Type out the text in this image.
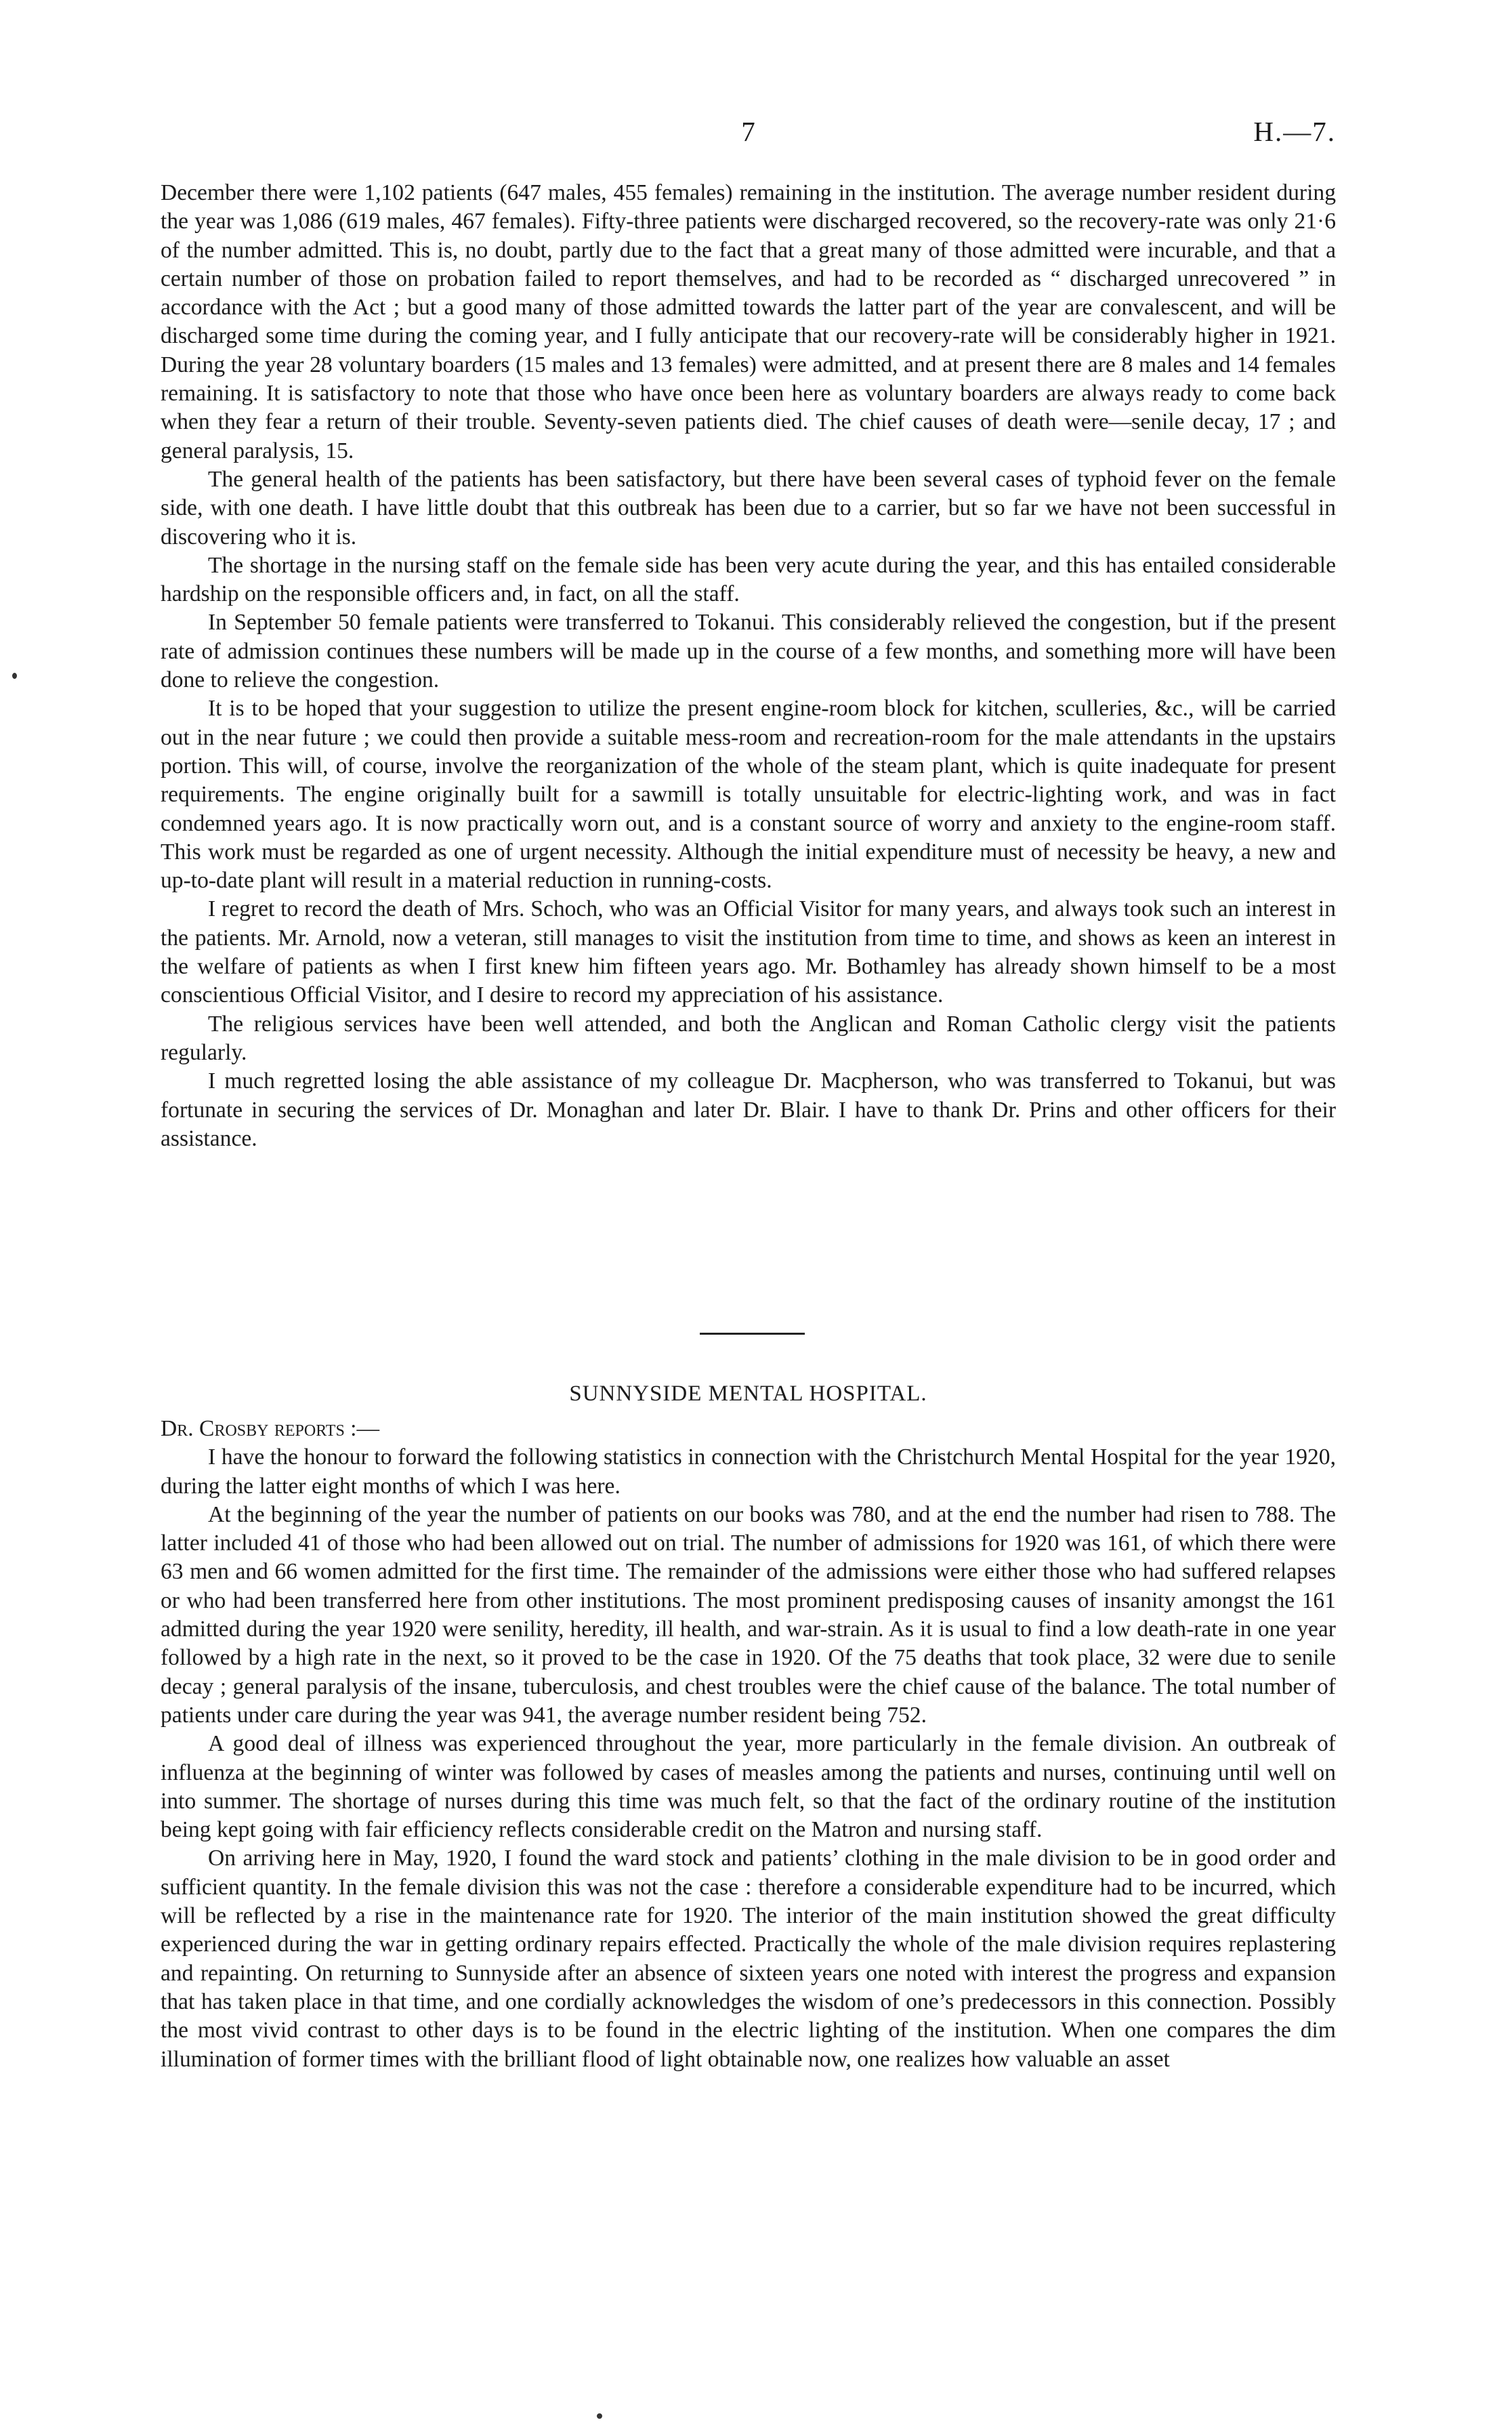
7	H.—7.

December there were 1,102 patients (647 males, 455 females) remaining in the institution. The average number resident during the year was 1,086 (619 males, 467 females). Fifty-three patients were discharged recovered, so the recovery-rate was only 21·6 of the number admitted. This is, no doubt, partly due to the fact that a great many of those admitted were incurable, and that a certain number of those on probation failed to report themselves, and had to be recorded as “ discharged unrecovered ” in accordance with the Act ; but a good many of those admitted towards the latter part of the year are convalescent, and will be discharged some time during the coming year, and I fully anticipate that our recovery-rate will be considerably higher in 1921. During the year 28 voluntary boarders (15 males and 13 females) were admitted, and at present there are 8 males and 14 females remaining. It is satisfactory to note that those who have once been here as voluntary boarders are always ready to come back when they fear a return of their trouble. Seventy-seven patients died. The chief causes of death were—senile decay, 17 ; and general paralysis, 15.

The general health of the patients has been satisfactory, but there have been several cases of typhoid fever on the female side, with one death. I have little doubt that this outbreak has been due to a carrier, but so far we have not been successful in discovering who it is.

The shortage in the nursing staff on the female side has been very acute during the year, and this has entailed considerable hardship on the responsible officers and, in fact, on all the staff.

In September 50 female patients were transferred to Tokanui. This considerably relieved the congestion, but if the present rate of admission continues these numbers will be made up in the course of a few months, and something more will have been done to relieve the congestion.

It is to be hoped that your suggestion to utilize the present engine-room block for kitchen, sculleries, &c., will be carried out in the near future ; we could then provide a suitable mess-room and recreation-room for the male attendants in the upstairs portion. This will, of course, involve the reorganization of the whole of the steam plant, which is quite inadequate for present requirements. The engine originally built for a sawmill is totally unsuitable for electric-lighting work, and was in fact condemned years ago. It is now practically worn out, and is a constant source of worry and anxiety to the engine-room staff. This work must be regarded as one of urgent necessity. Although the initial expenditure must of necessity be heavy, a new and up-to-date plant will result in a material reduction in running-costs.

I regret to record the death of Mrs. Schoch, who was an Official Visitor for many years, and always took such an interest in the patients. Mr. Arnold, now a veteran, still manages to visit the institution from time to time, and shows as keen an interest in the welfare of patients as when I first knew him fifteen years ago. Mr. Bothamley has already shown himself to be a most conscientious Official Visitor, and I desire to record my appreciation of his assistance.

The religious services have been well attended, and both the Anglican and Roman Catholic clergy visit the patients regularly.

I much regretted losing the able assistance of my colleague Dr. Macpherson, who was transferred to Tokanui, but was fortunate in securing the services of Dr. Monaghan and later Dr. Blair. I have to thank Dr. Prins and other officers for their assistance.

SUNNYSIDE MENTAL HOSPITAL.

Dr. Crosby reports :—

I have the honour to forward the following statistics in connection with the Christchurch Mental Hospital for the year 1920, during the latter eight months of which I was here.

At the beginning of the year the number of patients on our books was 780, and at the end the number had risen to 788. The latter included 41 of those who had been allowed out on trial. The number of admissions for 1920 was 161, of which there were 63 men and 66 women admitted for the first time. The remainder of the admissions were either those who had suffered relapses or who had been transferred here from other institutions. The most prominent predisposing causes of insanity amongst the 161 admitted during the year 1920 were senility, heredity, ill health, and war-strain. As it is usual to find a low death-rate in one year followed by a high rate in the next, so it proved to be the case in 1920. Of the 75 deaths that took place, 32 were due to senile decay ; general paralysis of the insane, tuberculosis, and chest troubles were the chief cause of the balance. The total number of patients under care during the year was 941, the average number resident being 752.

A good deal of illness was experienced throughout the year, more particularly in the female division. An outbreak of influenza at the beginning of winter was followed by cases of measles among the patients and nurses, continuing until well on into summer. The shortage of nurses during this time was much felt, so that the fact of the ordinary routine of the institution being kept going with fair efficiency reflects considerable credit on the Matron and nursing staff.

On arriving here in May, 1920, I found the ward stock and patients’ clothing in the male division to be in good order and sufficient quantity. In the female division this was not the case : therefore a considerable expenditure had to be incurred, which will be reflected by a rise in the maintenance rate for 1920. The interior of the main institution showed the great difficulty experienced during the war in getting ordinary repairs effected. Practically the whole of the male division requires replastering and repainting. On returning to Sunnyside after an absence of sixteen years one noted with interest the progress and expansion that has taken place in that time, and one cordially acknowledges the wisdom of one’s predecessors in this connection. Possibly the most vivid contrast to other days is to be found in the electric lighting of the institution. When one compares the dim illumination of former times with the brilliant flood of light obtainable now, one realizes how valuable an asset
